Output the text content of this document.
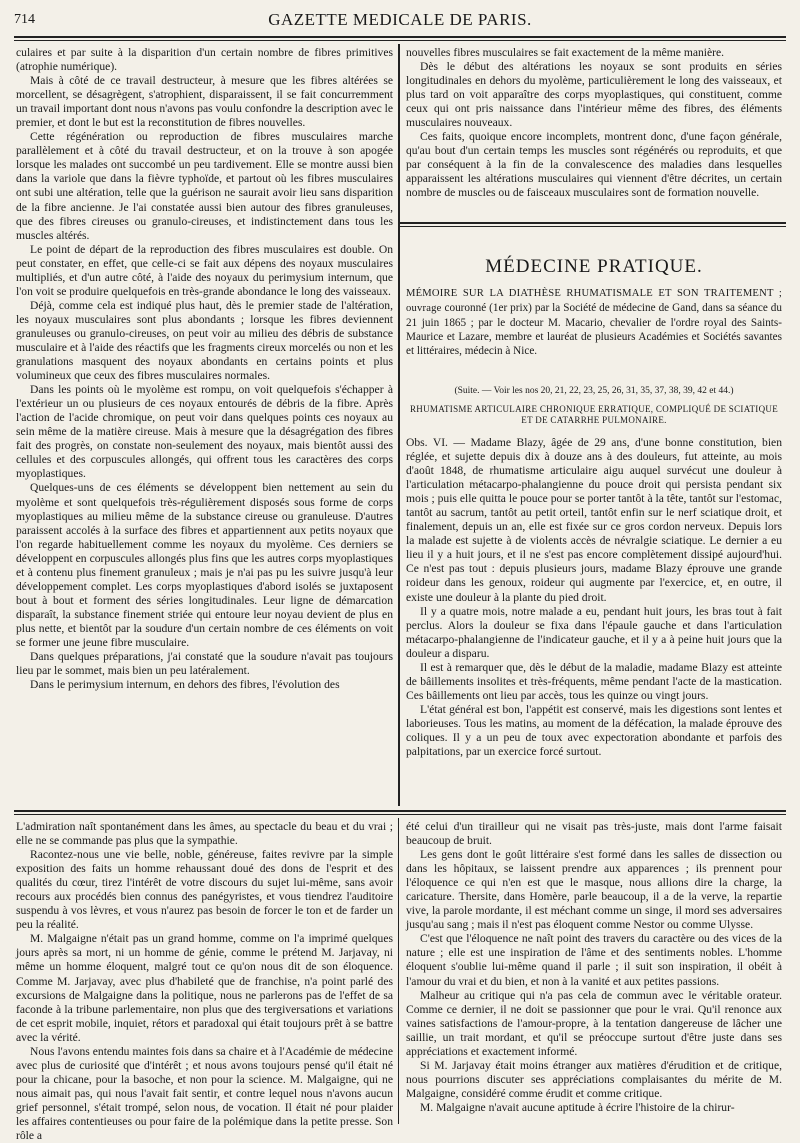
714	GAZETTE MEDICALE DE PARIS.

culaires et par suite à la disparition d'un certain nombre de fibres primitives (atrophie numérique).

Mais à côté de ce travail destructeur, à mesure que les fibres altérées se morcellent, se désagrègent, s'atrophient, disparaissent, il se fait concurremment un travail important dont nous n'avons pas voulu confondre la description avec le premier, et dont le but est la reconstitution de fibres nouvelles.

Cette régénération ou reproduction de fibres musculaires marche parallèlement et à côté du travail destructeur, et on la trouve à son apogée lorsque les malades ont succombé un peu tardivement. Elle se montre aussi bien dans la variole que dans la fièvre typhoïde, et partout où les fibres musculaires ont subi une altération, telle que la guérison ne saurait avoir lieu sans disparition de la fibre ancienne. Je l'ai constatée aussi bien autour des fibres granuleuses, que des fibres cireuses ou granulo-cireuses, et indistinctement dans tous les muscles altérés.

Le point de départ de la reproduction des fibres musculaires est double. On peut constater, en effet, que celle-ci se fait aux dépens des noyaux musculaires multipliés, et d'un autre côté, à l'aide des noyaux du perimysium internum, que l'on voit se produire quelquefois en très-grande abondance le long des vaisseaux.

Déjà, comme cela est indiqué plus haut, dès le premier stade de l'altération, les noyaux musculaires sont plus abondants ; lorsque les fibres deviennent granuleuses ou granulo-cireuses, on peut voir au milieu des débris de substance musculaire et à l'aide des réactifs que les fragments cireux morcelés ou non et les granulations masquent des noyaux abondants en certains points et plus volumineux que ceux des fibres musculaires normales.

Dans les points où le myolème est rompu, on voit quelquefois s'échapper à l'extérieur un ou plusieurs de ces noyaux entourés de débris de la fibre. Après l'action de l'acide chromique, on peut voir dans quelques points ces noyaux au sein même de la matière cireuse. Mais à mesure que la désagrégation des fibres fait des progrès, on constate non-seulement des noyaux, mais bientôt aussi des cellules et des corpuscules allongés, qui offrent tous les caractères des corps myoplastiques.

Quelques-uns de ces éléments se développent bien nettement au sein du myolème et sont quelquefois très-régulièrement disposés sous forme de corps myoplastiques au milieu même de la substance cireuse ou granuleuse. D'autres paraissent accolés à la surface des fibres et appartiennent aux petits noyaux que l'on regarde habituellement comme les noyaux du myolème. Ces derniers se développent en corpuscules allongés plus fins que les autres corps myoplastiques et à contenu plus finement granuleux ; mais je n'ai pas pu les suivre jusqu'à leur développement complet. Les corps myoplastiques d'abord isolés se juxtaposent bout à bout et forment des séries longitudinales. Leur ligne de démarcation disparaît, la substance finement striée qui entoure leur noyau devient de plus en plus nette, et bientôt par la soudure d'un certain nombre de ces éléments on voit se former une jeune fibre musculaire.

Dans quelques préparations, j'ai constaté que la soudure n'avait pas toujours lieu par le sommet, mais bien un peu latéralement.

Dans le perimysium internum, en dehors des fibres, l'évolution des

nouvelles fibres musculaires se fait exactement de la même manière.

Dès le début des altérations les noyaux se sont produits en séries longitudinales en dehors du myolème, particulièrement le long des vaisseaux, et plus tard on voit apparaître des corps myoplastiques, qui constituent, comme ceux qui ont pris naissance dans l'intérieur même des fibres, des éléments musculaires nouveaux.

Ces faits, quoique encore incomplets, montrent donc, d'une façon générale, qu'au bout d'un certain temps les muscles sont régénérés ou reproduits, et que par conséquent à la fin de la convalescence des maladies dans lesquelles apparaissent les altérations musculaires qui viennent d'être décrites, un certain nombre de muscles ou de faisceaux musculaires sont de formation nouvelle.

MÉDECINE PRATIQUE.
MÉMOIRE SUR LA DIATHÈSE RHUMATISMALE ET SON TRAITEMENT ; ouvrage couronné (1er prix) par la Société de médecine de Gand, dans sa séance du 21 juin 1865 ; par le docteur M. Macario, chevalier de l'ordre royal des Saints-Maurice et Lazare, membre et lauréat de plusieurs Académies et Sociétés savantes et littéraires, médecin à Nice.
(Suite. — Voir les nos 20, 21, 22, 23, 25, 26, 31, 35, 37, 38, 39, 42 et 44.)
RHUMATISME ARTICULAIRE CHRONIQUE ERRATIQUE, COMPLIQUÉ DE SCIATIQUE ET DE CATARRHE PULMONAIRE.

Obs. VI. — Madame Blazy, âgée de 29 ans, d'une bonne constitution, bien réglée, et sujette depuis dix à douze ans à des douleurs, fut atteinte, au mois d'août 1848, de rhumatisme articulaire aigu auquel survécut une douleur à l'articulation métacarpo-phalangienne du pouce droit qui persista pendant six mois ; puis elle quitta le pouce pour se porter tantôt à la tête, tantôt sur l'estomac, tantôt au sacrum, tantôt au petit orteil, tantôt enfin sur le nerf sciatique droit, et finalement, depuis un an, elle est fixée sur ce gros cordon nerveux. Depuis lors la malade est sujette à de violents accès de névralgie sciatique. Le dernier a eu lieu il y a huit jours, et il ne s'est pas encore complètement dissipé aujourd'hui. Ce n'est pas tout : depuis plusieurs jours, madame Blazy éprouve une grande roideur dans les genoux, roideur qui augmente par l'exercice, et, en outre, il existe une douleur à la plante du pied droit.

Il y a quatre mois, notre malade a eu, pendant huit jours, les bras tout à fait perclus. Alors la douleur se fixa dans l'épaule gauche et dans l'articulation métacarpo-phalangienne de l'indicateur gauche, et il y a à peine huit jours que la douleur a disparu.

Il est à remarquer que, dès le début de la maladie, madame Blazy est atteinte de bâillements insolites et très-fréquents, même pendant l'acte de la mastication. Ces bâillements ont lieu par accès, tous les quinze ou vingt jours.

L'état général est bon, l'appétit est conservé, mais les digestions sont lentes et laborieuses. Tous les matins, au moment de la défécation, la malade éprouve des coliques. Il y a un peu de toux avec expectoration abondante et parfois des palpitations, par un exercice forcé surtout.

L'admiration naît spontanément dans les âmes, au spectacle du beau et du vrai ; elle ne se commande pas plus que la sympathie.

Racontez-nous une vie belle, noble, généreuse, faites revivre par la simple exposition des faits un homme rehaussant doué des dons de l'esprit et des qualités du cœur, tirez l'intérêt de votre discours du sujet lui-même, sans avoir recours aux procédés bien connus des panégyristes, et vous tiendrez l'auditoire suspendu à vos lèvres, et vous n'aurez pas besoin de forcer le ton et de farder un peu la réalité.

M. Malgaigne n'était pas un grand homme, comme on l'a imprimé quelques jours après sa mort, ni un homme de génie, comme le prétend M. Jarjavay, ni même un homme éloquent, malgré tout ce qu'on nous dit de son éloquence. Comme M. Jarjavay, avec plus d'habileté que de franchise, n'a point parlé des excursions de Malgaigne dans la politique, nous ne parlerons pas de l'effet de sa faconde à la tribune parlementaire, non plus que des tergiversations et variations de cet esprit mobile, inquiet, rétors et paradoxal qui était toujours prêt à se battre avec la vérité.

Nous l'avons entendu maintes fois dans sa chaire et à l'Académie de médecine avec plus de curiosité que d'intérêt ; et nous avons toujours pensé qu'il était né pour la chicane, pour la basoche, et non pour la science. M. Malgaigne, qui ne nous aimait pas, qui nous l'avait fait sentir, et contre lequel nous n'avons aucun grief personnel, s'était trompé, selon nous, de vocation. Il était né pour plaider les affaires contentieuses ou pour faire de la polémique dans la petite presse. Son rôle a

été celui d'un tirailleur qui ne visait pas très-juste, mais dont l'arme faisait beaucoup de bruit.

Les gens dont le goût littéraire s'est formé dans les salles de dissection ou dans les hôpitaux, se laissent prendre aux apparences ; ils prennent pour l'éloquence ce qui n'en est que le masque, nous allions dire la charge, la caricature. Thersite, dans Homère, parle beaucoup, il a de la verve, la repartie vive, la parole mordante, il est méchant comme un singe, il mord ses adversaires jusqu'au sang ; mais il n'est pas éloquent comme Nestor ou comme Ulysse.

C'est que l'éloquence ne naît point des travers du caractère ou des vices de la nature ; elle est une inspiration de l'âme et des sentiments nobles. L'homme éloquent s'oublie lui-même quand il parle ; il suit son inspiration, il obéit à l'amour du vrai et du bien, et non à la vanité et aux petites passions.

Malheur au critique qui n'a pas cela de commun avec le véritable orateur. Comme ce dernier, il ne doit se passionner que pour le vrai. Qu'il renonce aux vaines satisfactions de l'amour-propre, à la tentation dangereuse de lâcher une saillie, un trait mordant, et qu'il se préoccupe surtout d'être juste dans ses appréciations et exactement informé.

Si M. Jarjavay était moins étranger aux matières d'érudition et de critique, nous pourrions discuter ses appréciations complaisantes du mérite de M. Malgaigne, considéré comme érudit et comme critique.

M. Malgaigne n'avait aucune aptitude à écrire l'histoire de la chirur-
